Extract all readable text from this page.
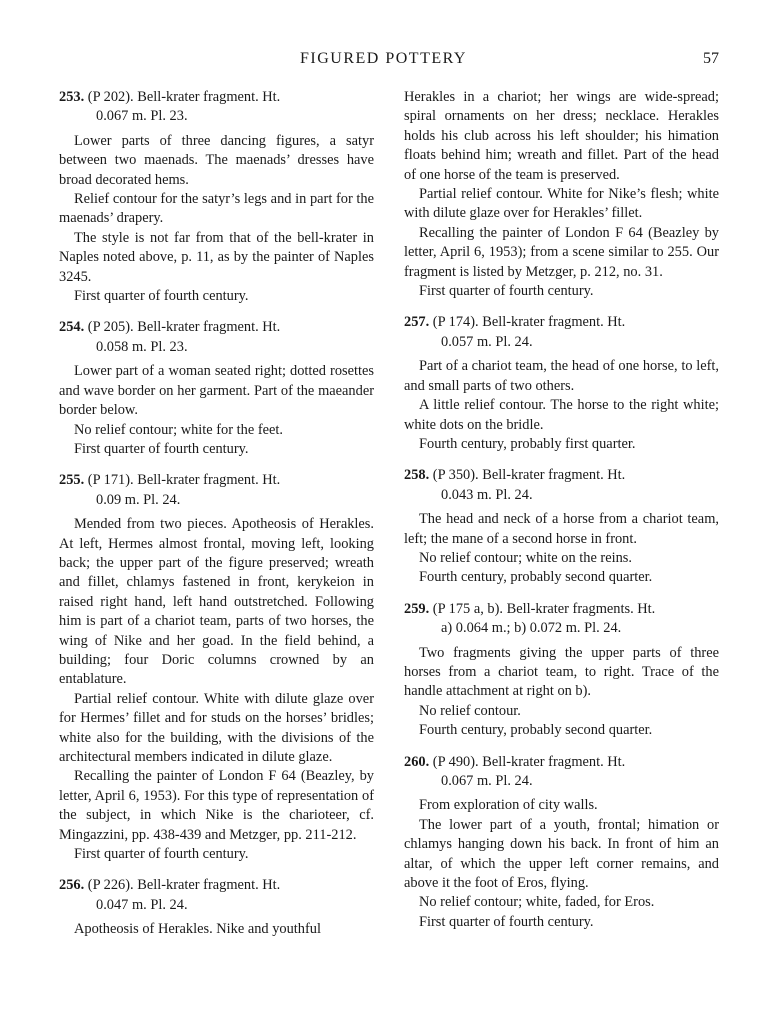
FIGURED POTTERY	57
253. (P 202). Bell-krater fragment. Ht.
0.067 m. Pl. 23.

Lower parts of three dancing figures, a satyr between two maenads. The maenads’ dresses have broad decorated hems.

Relief contour for the satyr’s legs and in part for the maenads’ drapery.

The style is not far from that of the bell-krater in Naples noted above, p. 11, as by the painter of Naples 3245.

First quarter of fourth century.

254. (P 205). Bell-krater fragment. Ht.
0.058 m. Pl. 23.

Lower part of a woman seated right; dotted rosettes and wave border on her garment. Part of the maeander border below.

No relief contour; white for the feet.

First quarter of fourth century.

255. (P 171). Bell-krater fragment. Ht.
0.09 m. Pl. 24.

Mended from two pieces. Apotheosis of Herakles. At left, Hermes almost frontal, moving left, looking back; the upper part of the figure preserved; wreath and fillet, chlamys fastened in front, kerykeion in raised right hand, left hand outstretched. Following him is part of a chariot team, parts of two horses, the wing of Nike and her goad. In the field behind, a building; four Doric columns crowned by an entablature.

Partial relief contour. White with dilute glaze over for Hermes’ fillet and for studs on the horses’ bridles; white also for the building, with the divisions of the architectural members indicated in dilute glaze.

Recalling the painter of London F 64 (Beazley, by letter, April 6, 1953). For this type of representation of the subject, in which Nike is the charioteer, cf. Mingazzini, pp. 438-439 and Metzger, pp. 211-212.

First quarter of fourth century.

256. (P 226). Bell-krater fragment. Ht.
0.047 m. Pl. 24.

Apotheosis of Herakles. Nike and youthful

Herakles in a chariot; her wings are wide-spread; spiral ornaments on her dress; necklace. Herakles holds his club across his left shoulder; his himation floats behind him; wreath and fillet. Part of the head of one horse of the team is preserved.

Partial relief contour. White for Nike’s flesh; white with dilute glaze over for Herakles’ fillet.

Recalling the painter of London F 64 (Beazley by letter, April 6, 1953); from a scene similar to 255. Our fragment is listed by Metzger, p. 212, no. 31.

First quarter of fourth century.

257. (P 174). Bell-krater fragment. Ht.
0.057 m. Pl. 24.

Part of a chariot team, the head of one horse, to left, and small parts of two others.

A little relief contour. The horse to the right white; white dots on the bridle.

Fourth century, probably first quarter.

258. (P 350). Bell-krater fragment. Ht.
0.043 m. Pl. 24.

The head and neck of a horse from a chariot team, left; the mane of a second horse in front.

No relief contour; white on the reins.

Fourth century, probably second quarter.

259. (P 175 a, b). Bell-krater fragments. Ht.
a) 0.064 m.; b) 0.072 m. Pl. 24.

Two fragments giving the upper parts of three horses from a chariot team, to right. Trace of the handle attachment at right on b).

No relief contour.

Fourth century, probably second quarter.

260. (P 490). Bell-krater fragment. Ht.
0.067 m. Pl. 24.

From exploration of city walls.

The lower part of a youth, frontal; himation or chlamys hanging down his back. In front of him an altar, of which the upper left corner remains, and above it the foot of Eros, flying.

No relief contour; white, faded, for Eros.

First quarter of fourth century.
